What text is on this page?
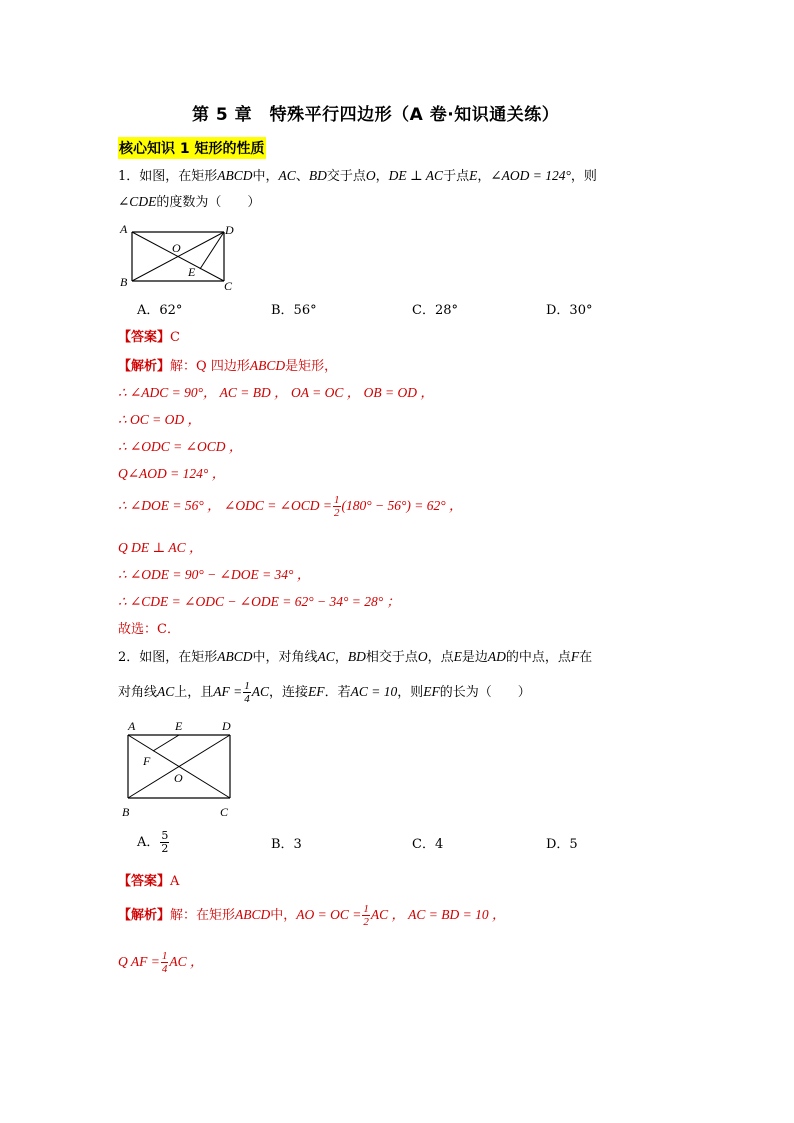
第 5 章　特殊平行四边形（A 卷·知识通关练）
核心知识 1 矩形的性质
1．如图，在矩形ABCD中，AC、BD交于点O，DE ⊥ AC于点E，∠AOD = 124°，则
∠CDE的度数为（　　）
A	D
B	C
O
E
A．62°	B．56°	C．28°	D．30°
【答案】C
【解析】解：Q 四边形ABCD是矩形，
∴ ∠ADC = 90°， AC = BD ， OA = OC ， OB = OD ，
∴ OC = OD ，
∴ ∠ODC = ∠OCD ，
Q∠AOD = 124° ，
∴ ∠DOE = 56° ， ∠ODC = ∠OCD = $\frac{1}{2} (180^\circ - 56^\circ) = 62^\circ$ ，
Q DE ⊥ AC ，
∴ ∠ODE = 90° − ∠DOE = 34° ，
∴ ∠CDE = ∠ODC − ∠ODE = 62° − 34° = 28° ；
故选：C．
2．如图，在矩形ABCD中，对角线AC，BD相交于点O，点E是边AD的中点，点F在
对角线AC上，且AF = $\frac{1}{4}$ AC，连接EF．若AC = 10，则EF的长为（　　）
A	E	D
F
O
B	C
A． $\frac{5}{2}$	B．3	C．4	D．5
【答案】A
【解析】解：在矩形ABCD中，AO = OC = $\frac{1}{2}$ AC ， AC = BD = 10 ，
Q AF = $\frac{1}{4}$ AC ，
